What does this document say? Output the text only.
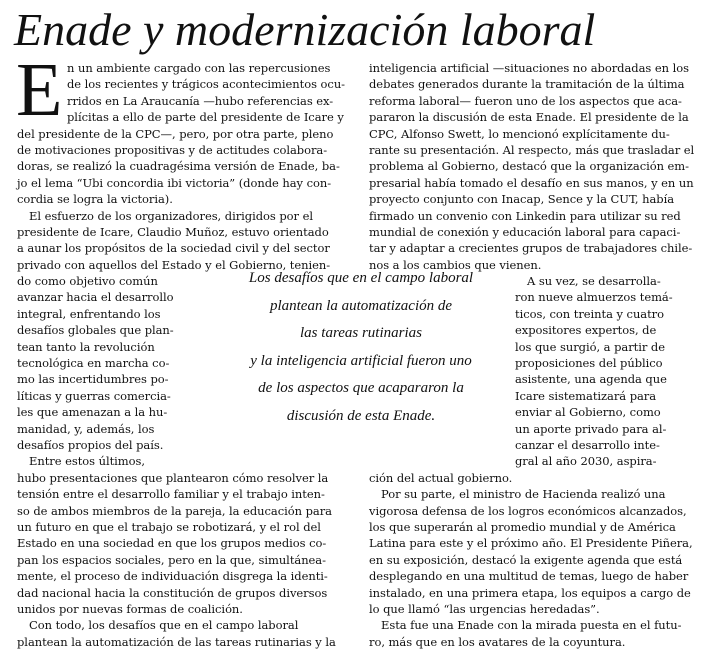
Enade y modernización laboral
E n un ambiente cargado con las repercusiones
de los recientes y trágicos acontecimientos ocu-
rridos en La Araucanía —hubo referencias ex-
plícitas a ello de parte del presidente de Icare y
del presidente de la CPC—, pero, por otra parte, pleno
de motivaciones propositivas y de actitudes colabora-
doras, se realizó la cuadragésima versión de Enade, ba-
jo el lema “Ubi concordia ibi victoria” (donde hay con-
cordia se logra la victoria).
El esfuerzo de los organizadores, dirigidos por el
presidente de Icare, Claudio Muñoz, estuvo orientado
a aunar los propósitos de la sociedad civil y del sector
privado con aquellos del Estado y el Gobierno, tenien-
do como objetivo común
avanzar hacia el desarrollo
integral, enfrentando los
desafíos globales que plan-
tean tanto la revolución
tecnológica en marcha co-
mo las incertidumbres po-
líticas y guerras comercia-
les que amenazan a la hu-
manidad, y, además, los
desafíos propios del país.
Entre estos últimos,
hubo presentaciones que plantearon cómo resolver la
tensión entre el desarrollo familiar y el trabajo inten-
so de ambos miembros de la pareja, la educación para
un futuro en que el trabajo se robotizará, y el rol del
Estado en una sociedad en que los grupos medios co-
pan los espacios sociales, pero en la que, simultánea-
mente, el proceso de individuación disgrega la identi-
dad nacional hacia la constitución de grupos diversos
unidos por nuevas formas de coalición.
Con todo, los desafíos que en el campo laboral
plantean la automatización de las tareas rutinarias y la
inteligencia artificial —situaciones no abordadas en los
debates generados durante la tramitación de la última
reforma laboral— fueron uno de los aspectos que aca-
pararon la discusión de esta Enade. El presidente de la
CPC, Alfonso Swett, lo mencionó explícitamente du-
rante su presentación. Al respecto, más que trasladar el
problema al Gobierno, destacó que la organización em-
presarial había tomado el desafío en sus manos, y en un
proyecto conjunto con Inacap, Sence y la CUT, había
firmado un convenio con Linkedin para utilizar su red
mundial de conexión y educación laboral para capaci-
tar y adaptar a crecientes grupos de trabajadores chile-
nos a los cambios que vienen.
A su vez, se desarrolla-
ron nueve almuerzos temá-
ticos, con treinta y cuatro
expositores expertos, de
los que surgió, a partir de
proposiciones del público
asistente, una agenda que
Icare sistematizará para
enviar al Gobierno, como
un aporte privado para al-
canzar el desarrollo inte-
gral al año 2030, aspira-
ción del actual gobierno.
Por su parte, el ministro de Hacienda realizó una
vigorosa defensa de los logros económicos alcanzados,
los que superarán al promedio mundial y de América
Latina para este y el próximo año. El Presidente Piñera,
en su exposición, destacó la exigente agenda que está
desplegando en una multitud de temas, luego de haber
instalado, en una primera etapa, los equipos a cargo de
lo que llamó “las urgencias heredadas”.
Esta fue una Enade con la mirada puesta en el futu-
ro, más que en los avatares de la coyuntura.
Los desafíos que en el campo laboral
plantean la automatización de
las tareas rutinarias
y la inteligencia artificial fueron uno
de los aspectos que acapararon la
discusión de esta Enade.
